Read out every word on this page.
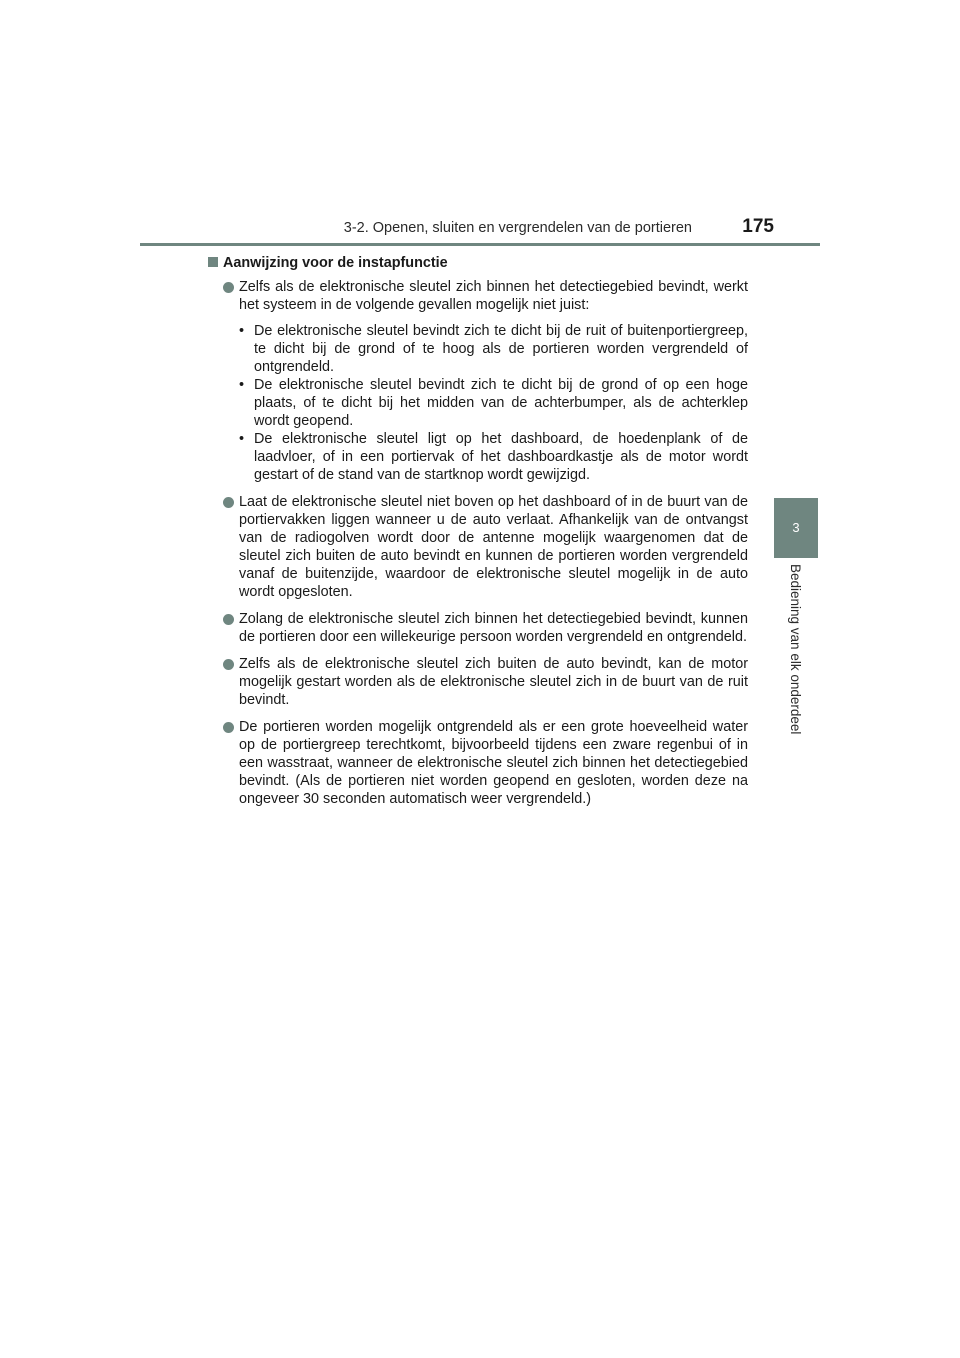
3-2. Openen, sluiten en vergrendelen van de portieren	175
3
Bediening van elk onderdeel
Aanwijzing voor de instapfunctie
Zelfs als de elektronische sleutel zich binnen het detectiegebied bevindt, werkt het systeem in de volgende gevallen mogelijk niet juist:
• De elektronische sleutel bevindt zich te dicht bij de ruit of buitenportiergreep, te dicht bij de grond of te hoog als de portieren worden vergrendeld of ontgrendeld.
• De elektronische sleutel bevindt zich te dicht bij de grond of op een hoge plaats, of te dicht bij het midden van de achterbumper, als de achterklep wordt geopend.
• De elektronische sleutel ligt op het dashboard, de hoedenplank of de laadvloer, of in een portiervak of het dashboardkastje als de motor wordt gestart of de stand van de startknop wordt gewijzigd.
Laat de elektronische sleutel niet boven op het dashboard of in de buurt van de portiervakken liggen wanneer u de auto verlaat. Afhankelijk van de ontvangst van de radiogolven wordt door de antenne mogelijk waargenomen dat de sleutel zich buiten de auto bevindt en kunnen de portieren worden vergrendeld vanaf de buitenzijde, waardoor de elektronische sleutel mogelijk in de auto wordt opgesloten.
Zolang de elektronische sleutel zich binnen het detectiegebied bevindt, kunnen de portieren door een willekeurige persoon worden vergrendeld en ontgrendeld.
Zelfs als de elektronische sleutel zich buiten de auto bevindt, kan de motor mogelijk gestart worden als de elektronische sleutel zich in de buurt van de ruit bevindt.
De portieren worden mogelijk ontgrendeld als er een grote hoeveelheid water op de portiergreep terechtkomt, bijvoorbeeld tijdens een zware regenbui of in een wasstraat, wanneer de elektronische sleutel zich binnen het detectiegebied bevindt. (Als de portieren niet worden geopend en gesloten, worden deze na ongeveer 30 seconden automatisch weer vergrendeld.)
